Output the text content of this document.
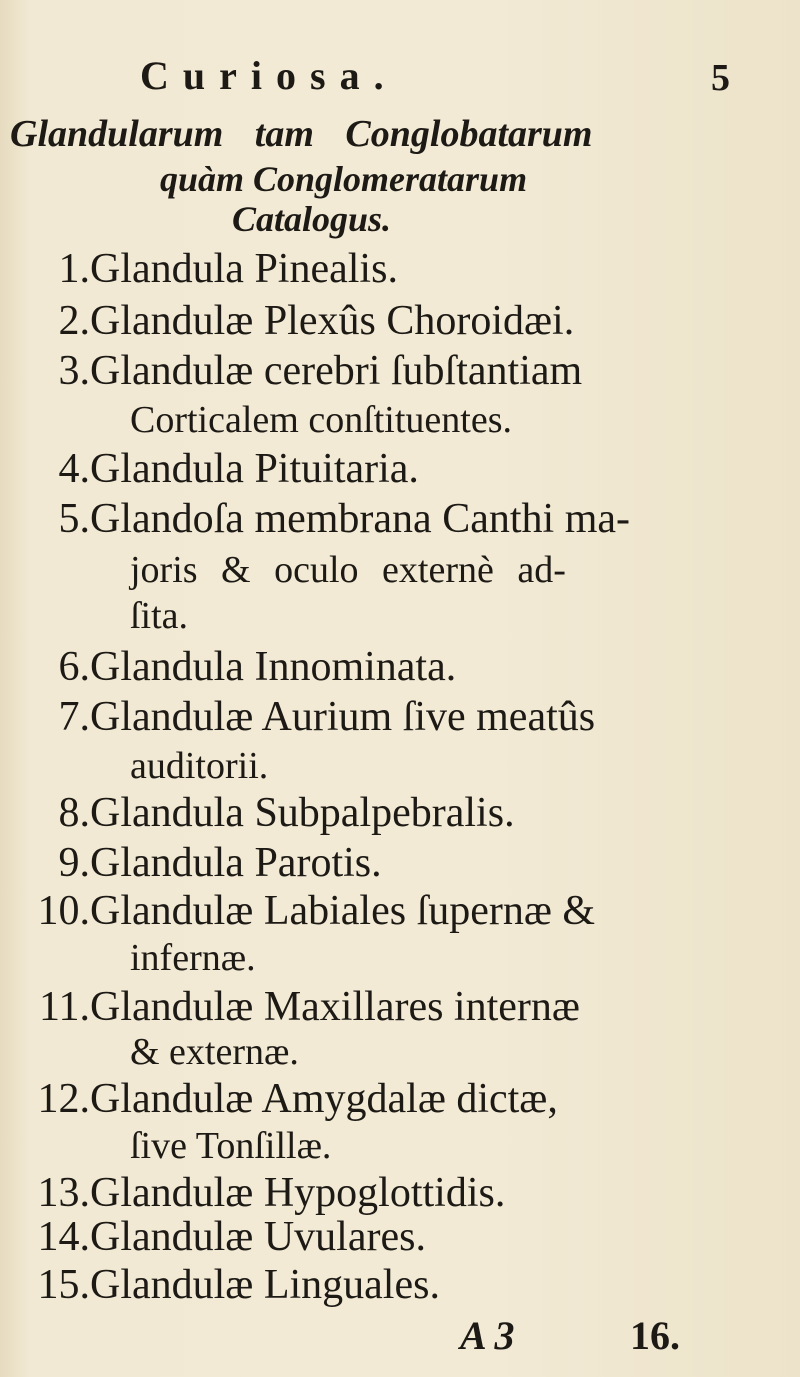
Curiosa.	5
Glandularum tam Conglobatarum
quàm Conglomeratarum
Catalogus.
1. Glandula Pinealis.
2. Glandulæ Plexûs Choroidæi.
3. Glandulæ cerebri ſubſtantiam
Corticalem conſtituentes.
4. Glandula Pituitaria.
5. Glandoſa membrana Canthi ma-
joris & oculo externè ad-
ſita.
6. Glandula Innominata.
7. Glandulæ Aurium ſive meatûs
auditorii.
8. Glandula Subpalpebralis.
9. Glandula Parotis.
10. Glandulæ Labiales ſupernæ &
infernæ.
11. Glandulæ Maxillares internæ
& externæ.
12. Glandulæ Amygdalæ dictæ,
ſive Tonſillæ.
13. Glandulæ Hypoglottidis.
14. Glandulæ Uvulares.
15. Glandulæ Linguales.
A 3	16.
